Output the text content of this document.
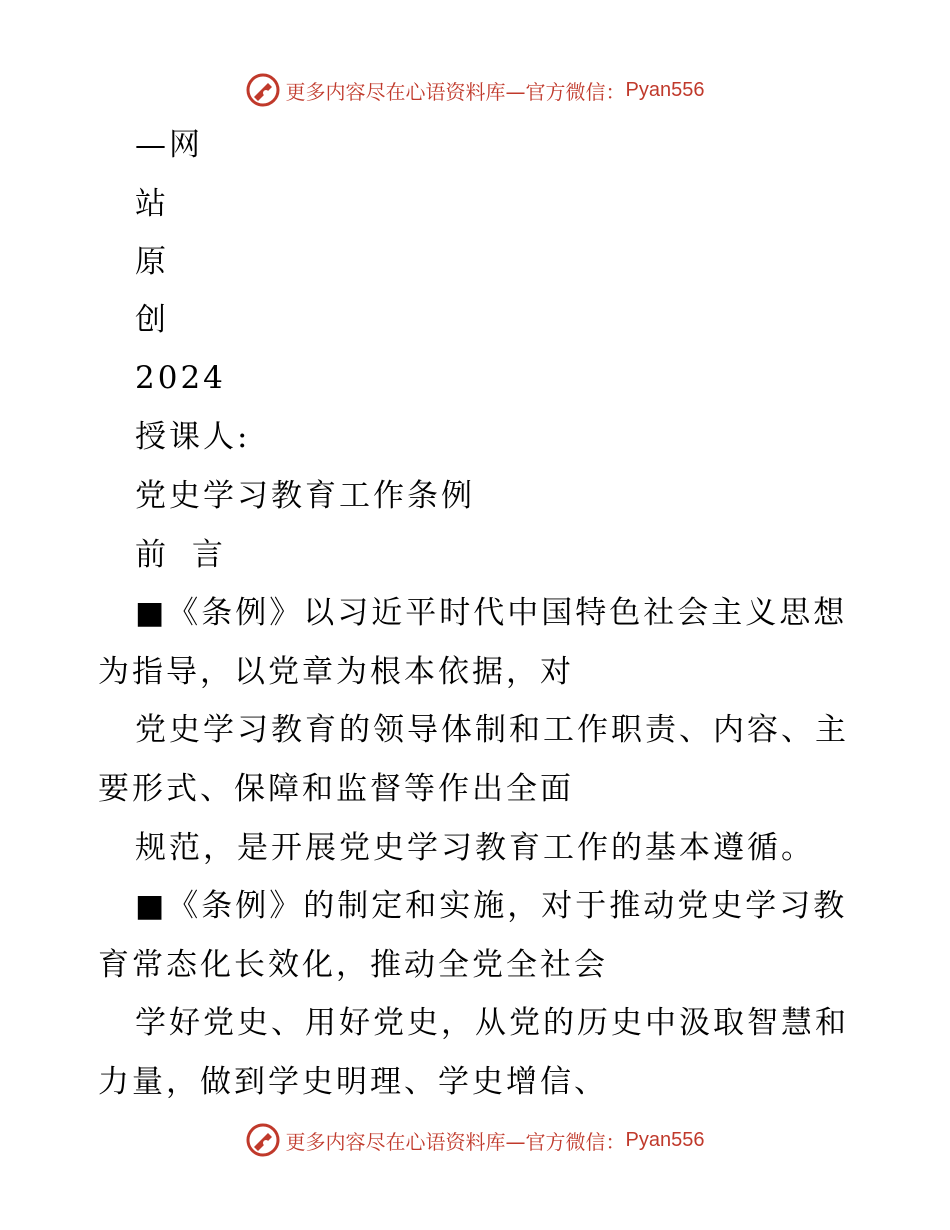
更多内容尽在心语资料库—官方微信： Pyan556
—网
站
原
创
2024
授课人:
党史学习教育工作条例
前 言
■《条例》以习近平时代中国特色社会主义思想
为指导，以党章为根本依据，对
党史学习教育的领导体制和工作职责、内容、主
要形式、保障和监督等作出全面
规范，是开展党史学习教育工作的基本遵循。
■《条例》的制定和实施，对于推动党史学习教
育常态化长效化，推动全党全社会
学好党史、用好党史，从党的历史中汲取智慧和
力量，做到学史明理、学史增信、
更多内容尽在心语资料库—官方微信： Pyan556
